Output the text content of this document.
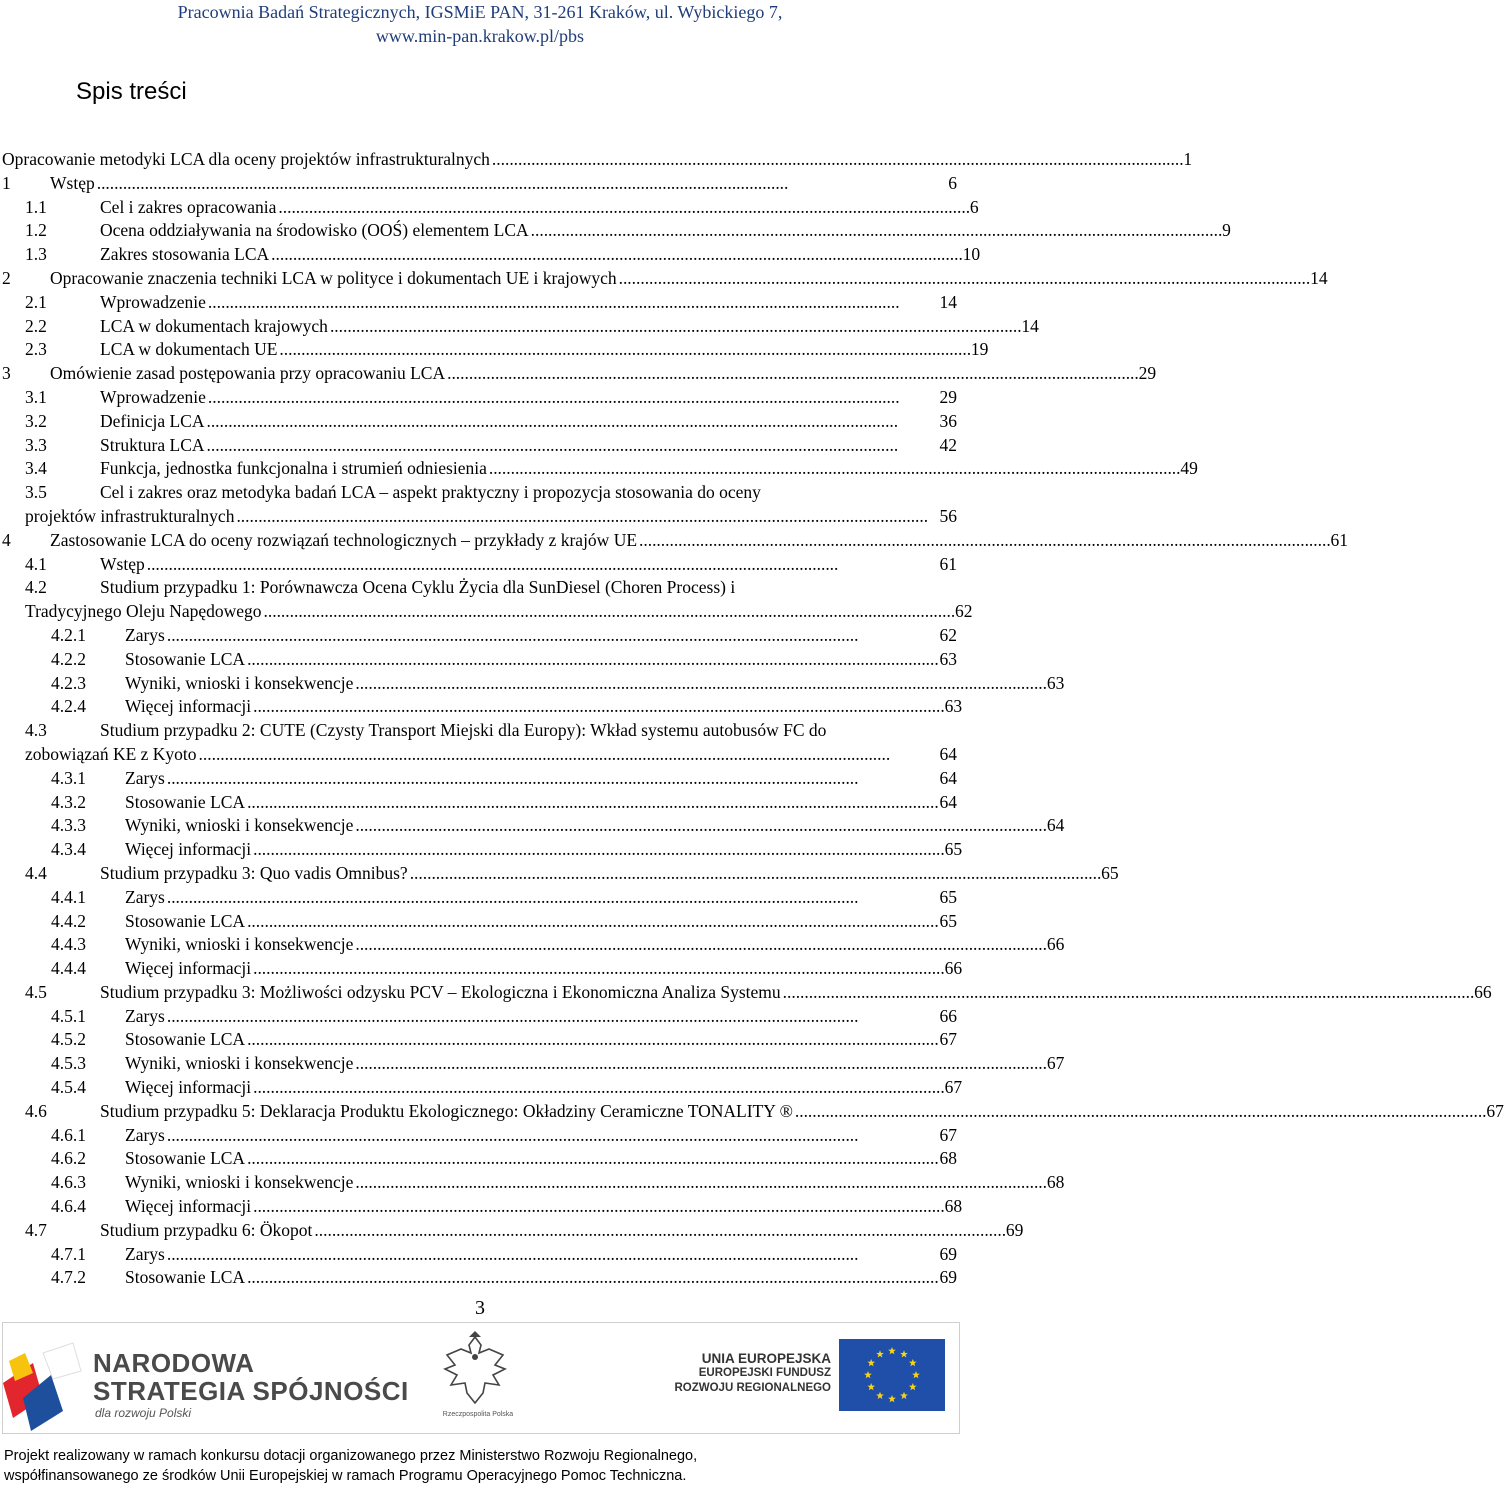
Pracownia Badań Strategicznych, IGSMiE PAN, 31-261 Kraków, ul. Wybickiego 7,
www.min-pan.krakow.pl/pbs
Spis treści
Opracowanie metodyki LCA dla oceny projektów infrastrukturalnych . . .	1
1	Wstęp . . .	6
1.1	Cel i zakres opracowania . . .	6
1.2	Ocena oddziaływania na środowisko (OOŚ) elementem LCA . . .	9
1.3	Zakres stosowania LCA . . .	10
2	Opracowanie znaczenia techniki LCA w polityce i dokumentach UE i krajowych . . .	14
2.1	Wprowadzenie . . .	14
2.2	LCA w dokumentach krajowych . . .	14
2.3	LCA w dokumentach UE . . .	19
3	Omówienie zasad postępowania przy opracowaniu LCA . . .	29
3.1	Wprowadzenie . . .	29
3.2	Definicja LCA . . .	36
3.3	Struktura LCA . . .	42
3.4	Funkcja, jednostka funkcjonalna i strumień odniesienia . . .	49
3.5	Cel i zakres oraz metodyka badań LCA – aspekt praktyczny i propozycja stosowania do oceny
projektów infrastrukturalnych . . .	56
4	Zastosowanie LCA do oceny rozwiązań technologicznych – przykłady z krajów UE . . .	61
4.1	Wstęp . . .	61
4.2	Studium przypadku 1: Porównawcza Ocena Cyklu Życia dla SunDiesel (Choren Process) i
Tradycyjnego Oleju Napędowego . . .	62
4.2.1	Zarys . . .	62
4.2.2	Stosowanie LCA . . .	63
4.2.3	Wyniki, wnioski i konsekwencje . . .	63
4.2.4	Więcej informacji . . .	63
4.3	Studium przypadku 2: CUTE (Czysty Transport Miejski dla Europy): Wkład systemu autobusów FC do
zobowiązań KE z Kyoto . . .	64
4.3.1	Zarys . . .	64
4.3.2	Stosowanie LCA . . .	64
4.3.3	Wyniki, wnioski i konsekwencje . . .	64
4.3.4	Więcej informacji . . .	65
4.4	Studium przypadku 3: Quo vadis Omnibus? . . .	65
4.4.1	Zarys . . .	65
4.4.2	Stosowanie LCA . . .	65
4.4.3	Wyniki, wnioski i konsekwencje . . .	66
4.4.4	Więcej informacji . . .	66
4.5	Studium przypadku 3: Możliwości odzysku PCV – Ekologiczna i Ekonomiczna Analiza Systemu . . .	66
4.5.1	Zarys . . .	66
4.5.2	Stosowanie LCA . . .	67
4.5.3	Wyniki, wnioski i konsekwencje . . .	67
4.5.4	Więcej informacji . . .	67
4.6	Studium przypadku 5: Deklaracja Produktu Ekologicznego: Okładziny Ceramiczne TONALITY ® . . .	67
4.6.1	Zarys . . .	67
4.6.2	Stosowanie LCA . . .	68
4.6.3	Wyniki, wnioski i konsekwencje . . .	68
4.6.4	Więcej informacji . . .	68
4.7	Studium przypadku 6: Ökopot . . .	69
4.7.1	Zarys . . .	69
4.7.2	Stosowanie LCA . . .	69
3
NARODOWA
STRATEGIA SPÓJNOŚCI
dla rozwoju Polski	Rzeczpospolita Polska
UNIA EUROPEJSKA
EUROPEJSKI FUNDUSZ
ROZWOJU REGIONALNEGO
Projekt realizowany w ramach konkursu dotacji organizowanego przez Ministerstwo Rozwoju Regionalnego,
współfinansowanego ze środków Unii Europejskiej w ramach Programu Operacyjnego Pomoc Techniczna.
